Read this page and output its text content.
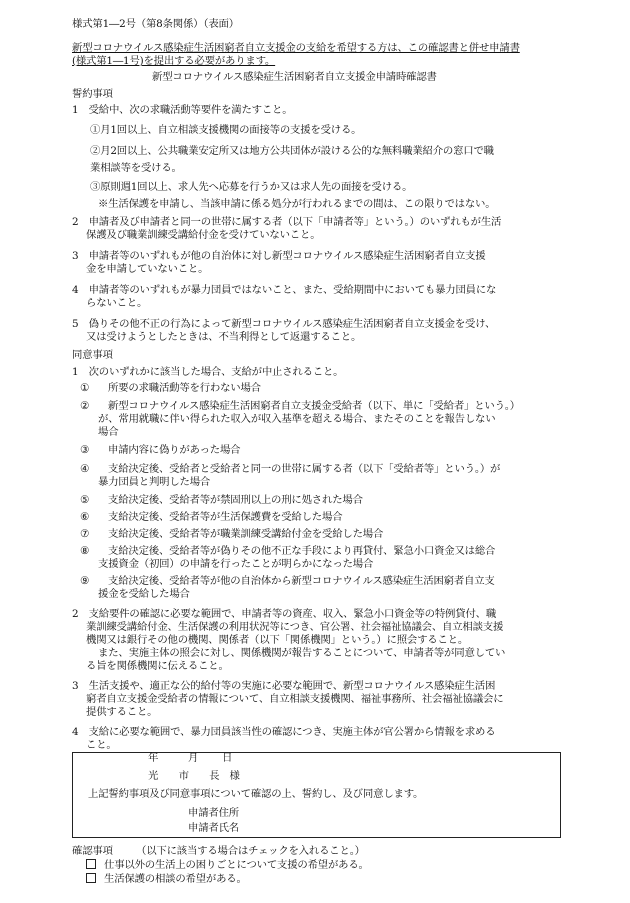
様式第1―2号（第8条関係）（表面）
新型コロナウイルス感染症生活困窮者自立支援金の支給を希望する方は、この確認書と併せ申請書
(様式第1―1号)を提出する必要があります。
新型コロナウイルス感染症生活困窮者自立支援金申請時確認書
誓約事項
1　受給中、次の求職活動等要件を満たすこと。
①月1回以上、自立相談支援機関の面接等の支援を受ける。
②月2回以上、公共職業安定所又は地方公共団体が設ける公的な無料職業紹介の窓口で職
業相談等を受ける。
③原則週1回以上、求人先へ応募を行うか又は求人先の面接を受ける。
※生活保護を申請し、当該申請に係る処分が行われるまでの間は、この限りではない。
2　申請者及び申請者と同一の世帯に属する者（以下「申請者等」という。）のいずれもが生活
保護及び職業訓練受講給付金を受けていないこと。
3　申請者等のいずれもが他の自治体に対し新型コロナウイルス感染症生活困窮者自立支援
金を申請していないこと。
4　申請者等のいずれもが暴力団員ではないこと、また、受給期間中においても暴力団員にな
らないこと。
5　偽りその他不正の行為によって新型コロナウイルス感染症生活困窮者自立支援金を受け、
又は受けようとしたときは、不当利得として返還すること。
同意事項
1　次のいずれかに該当した場合、支給が中止されること。
① 所要の求職活動等を行わない場合
② 新型コロナウイルス感染症生活困窮者自立支援金受給者（以下、単に「受給者」という。）
が、常用就職に伴い得られた収入が収入基準を超える場合、またそのことを報告しない
場合
③ 申請内容に偽りがあった場合
④ 支給決定後、受給者と受給者と同一の世帯に属する者（以下「受給者等」という。）が
暴力団員と判明した場合
⑤ 支給決定後、受給者等が禁固刑以上の刑に処された場合
⑥ 支給決定後、受給者等が生活保護費を受給した場合
⑦ 支給決定後、受給者等が職業訓練受講給付金を受給した場合
⑧ 支給決定後、受給者等が偽りその他不正な手段により再貸付、緊急小口資金又は総合
支援資金（初回）の申請を行ったことが明らかになった場合
⑨ 支給決定後、受給者等が他の自治体から新型コロナウイルス感染症生活困窮者自立支
援金を受給した場合
2　支給要件の確認に必要な範囲で、申請者等の資産、収入、緊急小口資金等の特例貸付、職
業訓練受講給付金、生活保護の利用状況等につき、官公署、社会福祉協議会、自立相談支援
機関又は銀行その他の機関、関係者（以下「関係機関」という。）に照会すること。
また、実施主体の照会に対し、関係機関が報告することについて、申請者等が同意してい
る旨を関係機関に伝えること。
3　生活支援や、適正な公的給付等の実施に必要な範囲で、新型コロナウイルス感染症生活困
窮者自立支援金受給者の情報について、自立相談支援機関、福祉事務所、社会福祉協議会に
提供すること。
4　支給に必要な範囲で、暴力団員該当性の確認につき、実施主体が官公署から情報を求める
こと。
年	月 日
光　　市　　長　様
上記誓約事項及び同意事項について確認の上、誓約し、及び同意します。
申請者住所
申請者氏名
確認事項 （以下に該当する場合はチェックを入れること。）
仕事以外の生活上の困りごとについて支援の希望がある。
生活保護の相談の希望がある。
